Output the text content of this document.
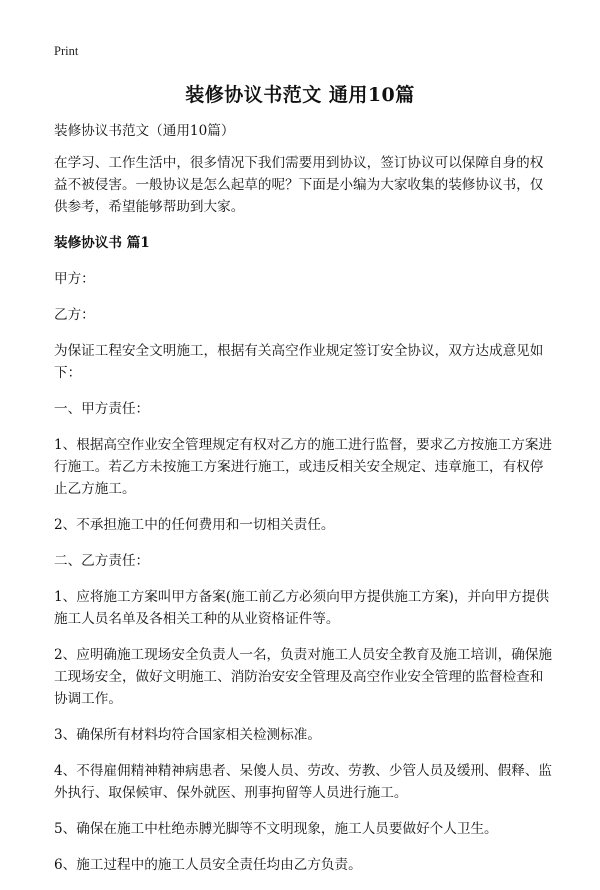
Print
装修协议书范文 通用10篇

装修协议书范文（通用10篇）

在学习、工作生活中，很多情况下我们需要用到协议，签订协议可以保障自身的权益不被侵害。一般协议是怎么起草的呢？下面是小编为大家收集的装修协议书，仅供参考，希望能够帮助到大家。

装修协议书 篇1

甲方：

乙方：

为保证工程安全文明施工，根据有关高空作业规定签订安全协议，双方达成意见如下：

一、甲方责任：

1、根据高空作业安全管理规定有权对乙方的施工进行监督，要求乙方按施工方案进行施工。若乙方未按施工方案进行施工，或违反相关安全规定、违章施工，有权停止乙方施工。

2、不承担施工中的任何费用和一切相关责任。

二、乙方责任：

1、应将施工方案叫甲方备案(施工前乙方必须向甲方提供施工方案)，并向甲方提供施工人员名单及各相关工种的从业资格证件等。

2、应明确施工现场安全负责人一名，负责对施工人员安全教育及施工培训，确保施工现场安全，做好文明施工、消防治安安全管理及高空作业安全管理的监督检查和协调工作。

3、确保所有材料均符合国家相关检测标准。

4、不得雇佣精神精神病患者、呆傻人员、劳改、劳教、少管人员及缓刑、假释、监外执行、取保候审、保外就医、刑事拘留等人员进行施工。

5、确保在施工中杜绝赤膊光脚等不文明现象，施工人员要做好个人卫生。

6、施工过程中的施工人员安全责任均由乙方负责。
